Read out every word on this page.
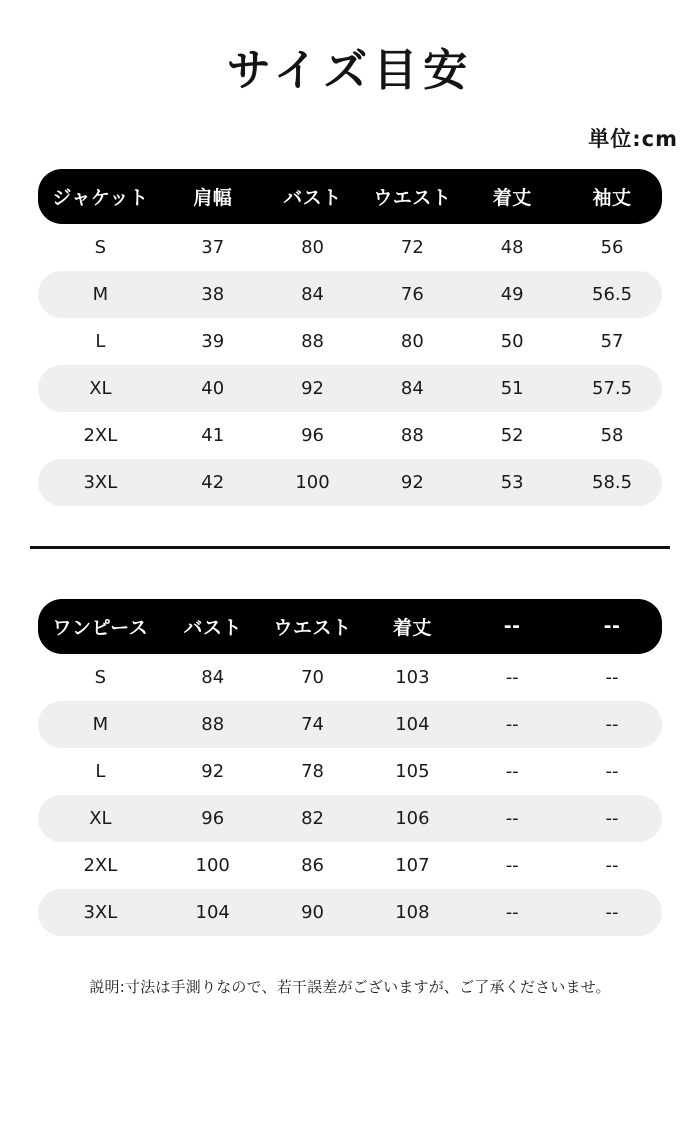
サイズ目安
単位:cm
ジャケット	肩幅	バスト	ウエスト	着丈	袖丈
S	37	80	72	48	56
M	38	84	76	49	56.5
L	39	88	80	50	57
XL	40	92	84	51	57.5
2XL	41	96	88	52	58
3XL	42	100	92	53	58.5
ワンピース	バスト	ウエスト	着丈	--	--
S	84	70	103	--	--
M	88	74	104	--	--
L	92	78	105	--	--
XL	96	82	106	--	--
2XL	100	86	107	--	--
3XL	104	90	108	--	--
説明:寸法は手測りなので、若干誤差がございますが、ご了承くださいませ。
